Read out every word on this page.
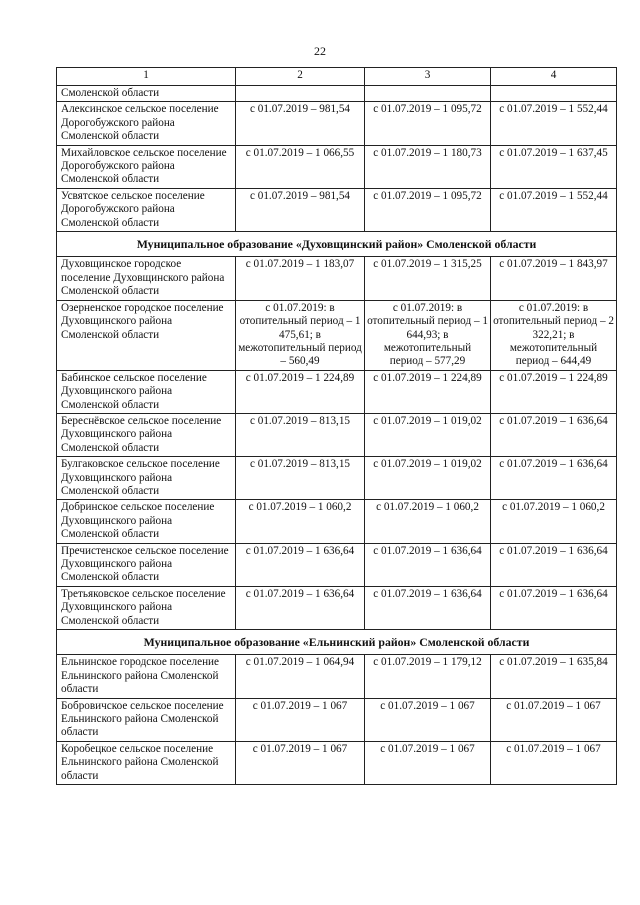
22
1	2	3	4
Смоленской области			
Алексинское сельское поселение Дорогобужского района Смоленской области	с 01.07.2019 – 981,54	с 01.07.2019 – 1 095,72	с 01.07.2019 – 1 552,44
Михайловское сельское поселение Дорогобужского района Смоленской области	с 01.07.2019 – 1 066,55	с 01.07.2019 – 1 180,73	с 01.07.2019 – 1 637,45
Усвятское сельское поселение Дорогобужского района Смоленской области	с 01.07.2019 – 981,54	с 01.07.2019 – 1 095,72	с 01.07.2019 – 1 552,44
Муниципальное образование «Духовщинский район» Смоленской области			
Духовщинское городское поселение Духовщинского района Смоленской области	с 01.07.2019 – 1 183,07	с 01.07.2019 – 1 315,25	с 01.07.2019 – 1 843,97
Озерненское городское поселение Духовщинского района Смоленской области	с 01.07.2019: в отопительный период – 1 475,61; в межотопительный период – 560,49	с 01.07.2019: в отопительный период – 1 644,93; в межотопительный период – 577,29	с 01.07.2019: в отопительный период – 2 322,21; в межотопительный период – 644,49
Бабинское сельское поселение Духовщинского района Смоленской области	с 01.07.2019 – 1 224,89	с 01.07.2019 – 1 224,89	с 01.07.2019 – 1 224,89
Береснёвское сельское поселение Духовщинского района Смоленской области	с 01.07.2019 – 813,15	с 01.07.2019 – 1 019,02	с 01.07.2019 – 1 636,64
Булгаковское сельское поселение Духовщинского района Смоленской области	с 01.07.2019 – 813,15	с 01.07.2019 – 1 019,02	с 01.07.2019 – 1 636,64
Добринское сельское поселение Духовщинского района Смоленской области	с 01.07.2019 – 1 060,2	с 01.07.2019 – 1 060,2	с 01.07.2019 – 1 060,2
Пречистенское сельское поселение Духовщинского района Смоленской области	с 01.07.2019 – 1 636,64	с 01.07.2019 – 1 636,64	с 01.07.2019 – 1 636,64
Третьяковское сельское поселение Духовщинского района Смоленской области	с 01.07.2019 – 1 636,64	с 01.07.2019 – 1 636,64	с 01.07.2019 – 1 636,64
Муниципальное образование «Ельнинский район» Смоленской области			
Ельнинское городское поселение Ельнинского района Смоленской области	с 01.07.2019 – 1 064,94	с 01.07.2019 – 1 179,12	с 01.07.2019 – 1 635,84
Бобровичское сельское поселение Ельнинского района Смоленской области	с 01.07.2019 – 1 067	с 01.07.2019 – 1 067	с 01.07.2019 – 1 067
Коробецкое сельское поселение Ельнинского района Смоленской области	с 01.07.2019 – 1 067	с 01.07.2019 – 1 067	с 01.07.2019 – 1 067
